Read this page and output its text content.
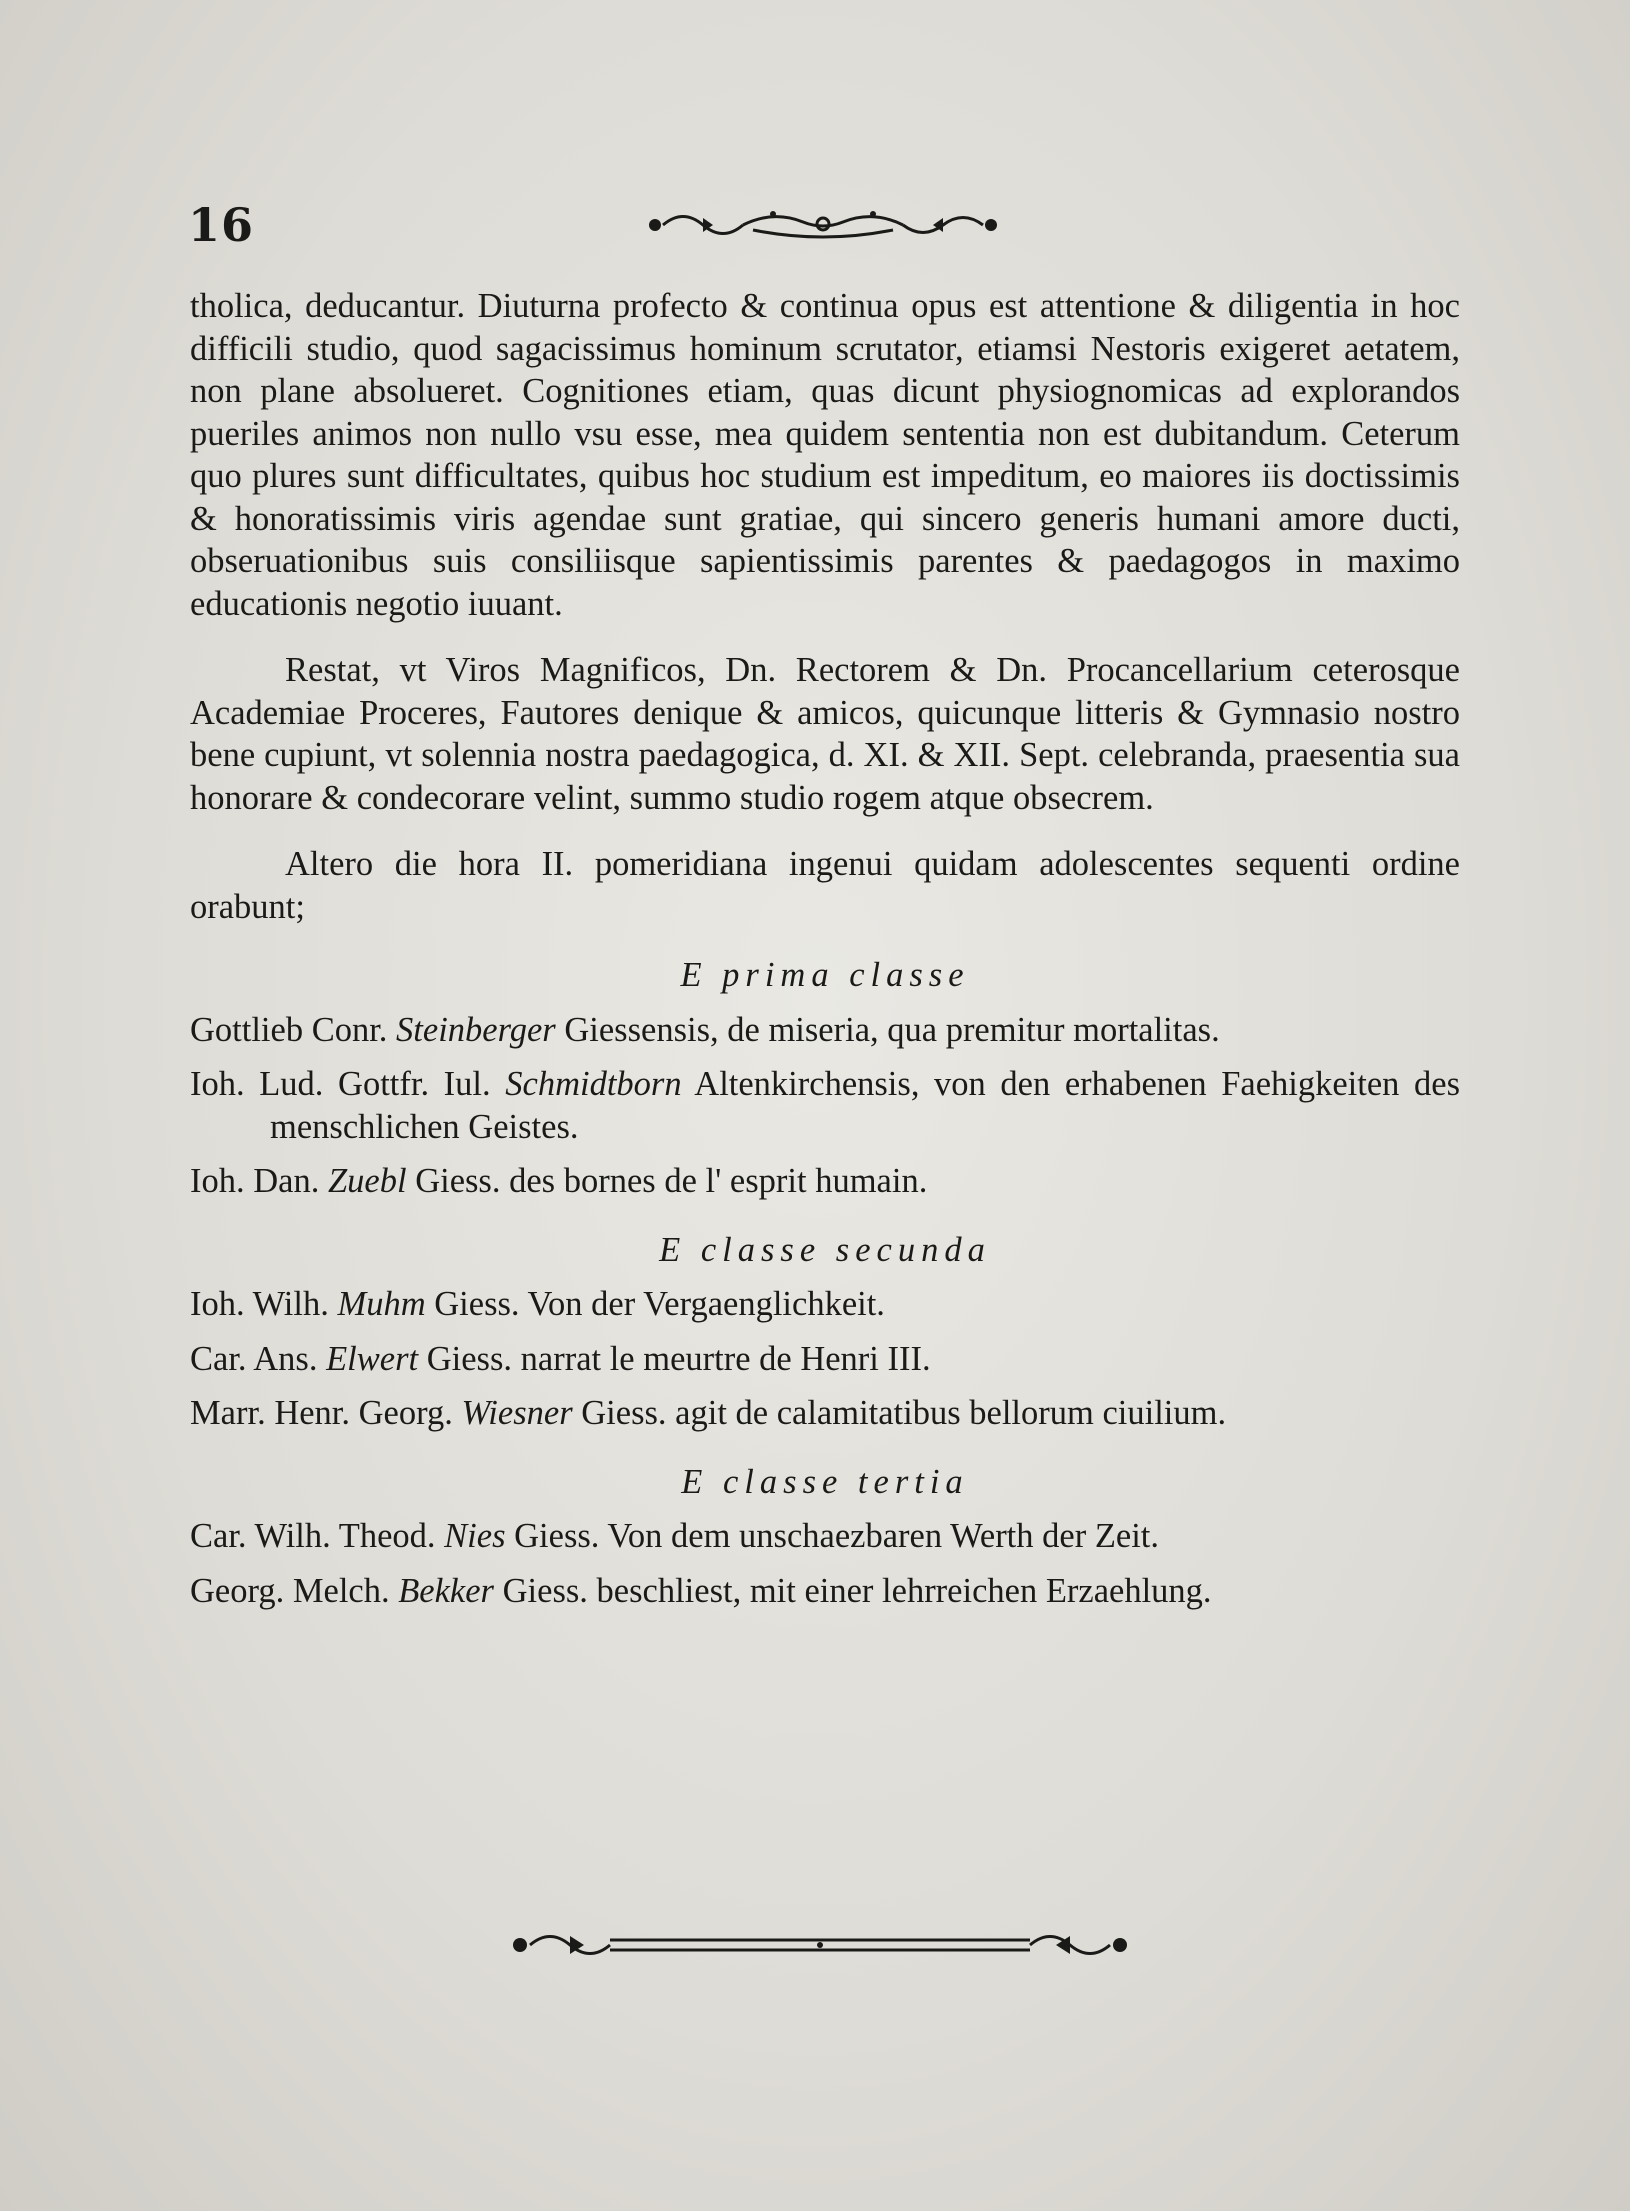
16

tholica, deducantur. Diuturna profecto & continua opus est attentione & diligentia in hoc difficili studio, quod sagacissimus hominum scrutator, etiamsi Nestoris exigeret aetatem, non plane absolueret. Cognitiones etiam, quas dicunt physiognomicas ad explorandos pueriles animos non nullo vsu esse, mea quidem sententia non est dubitandum. Ceterum quo plures sunt difficultates, quibus hoc studium est impeditum, eo maiores iis doctissimis & honoratissimis viris agendae sunt gratiae, qui sincero generis humani amore ducti, obseruationibus suis consiliisque sapientissimis parentes & paedagogos in maximo educationis negotio iuuant.

Restat, vt Viros Magnificos, Dn. Rectorem & Dn. Procancellarium ceterosque Academiae Proceres, Fautores denique & amicos, quicunque litteris & Gymnasio nostro bene cupiunt, vt solennia nostra paedagogica, d. XI. & XII. Sept. celebranda, praesentia sua honorare & condecorare velint, summo studio rogem atque obsecrem.

Altero die hora II. pomeridiana ingenui quidam adolescentes sequenti ordine orabunt;

E prima classe

Gottlieb Conr. Steinberger Giessensis, de miseria, qua premitur mortalitas.

Ioh. Lud. Gottfr. Iul. Schmidtborn Altenkirchensis, von den erhabenen Faehigkeiten des menschlichen Geistes.

Ioh. Dan. Zuebl Giess. des bornes de l' esprit humain.

E classe secunda

Ioh. Wilh. Muhm Giess. Von der Vergaenglichkeit.

Car. Ans. Elwert Giess. narrat le meurtre de Henri III.

Marr. Henr. Georg. Wiesner Giess. agit de calamitatibus bellorum ciuilium.

E classe tertia

Car. Wilh. Theod. Nies Giess. Von dem unschaezbaren Werth der Zeit.

Georg. Melch. Bekker Giess. beschliest, mit einer lehrreichen Erzaehlung.
